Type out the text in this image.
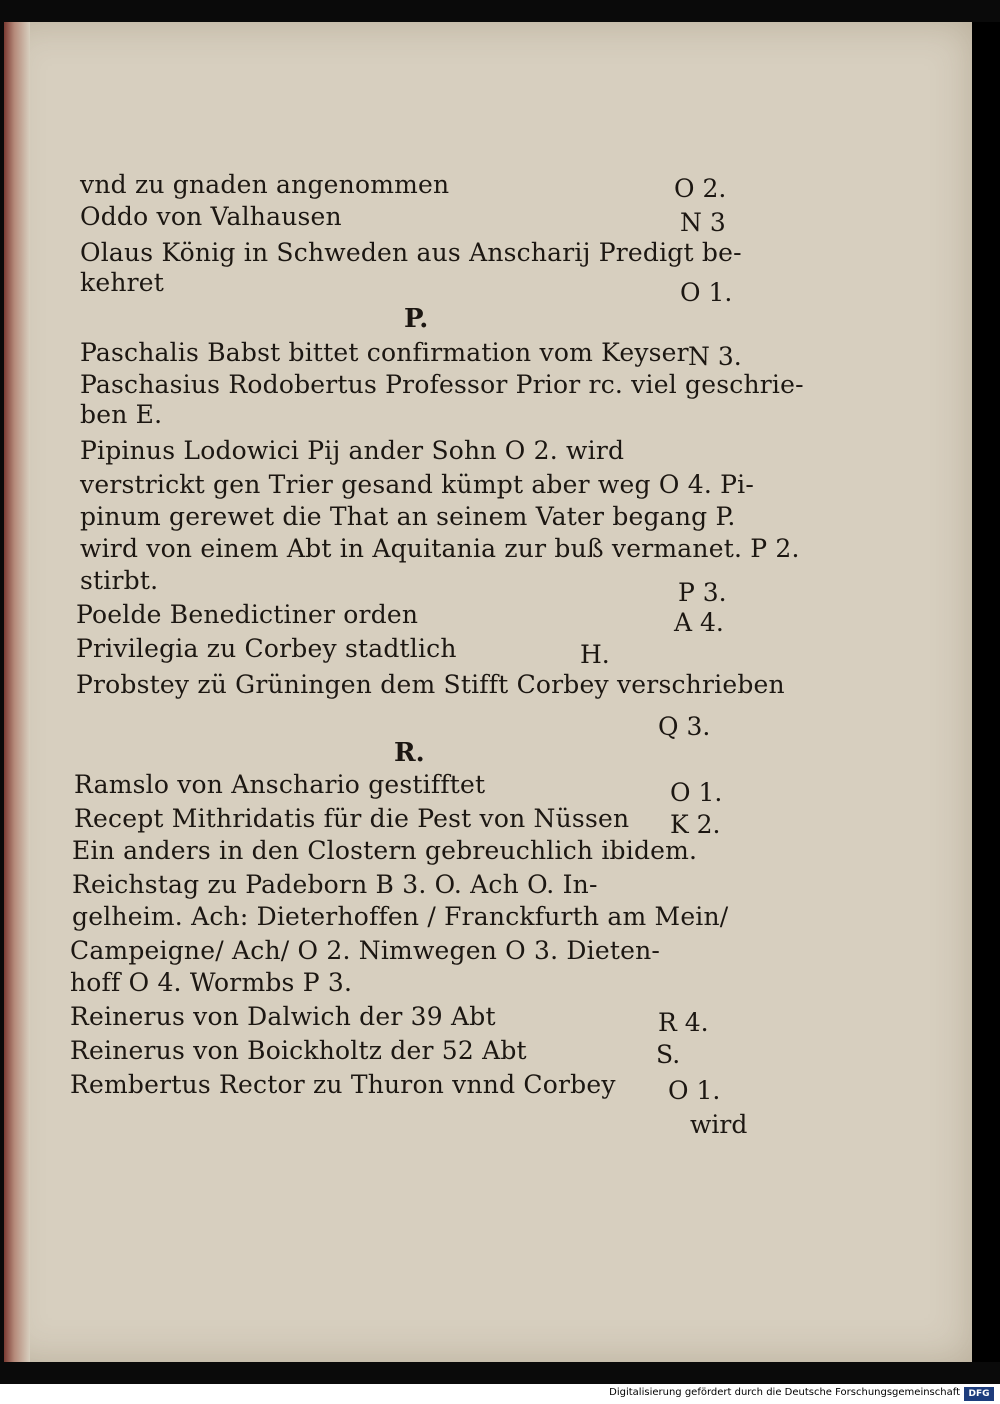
vnd zu gnaden angenommen	O 2.
Oddo von Valhausen	N 3
Olaus König in Schweden aus Anscharij Predigt be-
kehret	O 1.
P.
Paschalis Babst bittet confirmation vom Keyser N 3.
Paschasius Rodobertus Professor Prior rc. viel geschrie-
ben E.
Pipinus Lodowici Pij ander Sohn O 2. wird
verstrickt gen Trier gesand kümpt aber weg O 4. Pi-
pinum gerewet die That an seinem Vater begang P.
wird von einem Abt in Aquitania zur buß vermanet. P 2.
stirbt.	P 3.
Poelde Benedictiner orden	A 4.
Privilegia zu Corbey stadtlich	H.
Probstey zü Grüningen dem Stifft Corbey verschrieben
Q 3.
R.
Ramslo von Anschario gestifftet	O 1.
Recept Mithridatis für die Pest von Nüssen K 2.
Ein anders in den Clostern gebreuchlich ibidem.
Reichstag zu Padeborn B 3. O. Ach O. In-
gelheim. Ach: Dieterhoffen / Franckfurth am Mein/
Campeigne/ Ach/ O 2. Nimwegen O 3. Dieten-
hoff O 4. Wormbs P 3.
Reinerus von Dalwich der 39 Abt	R 4.
Reinerus von Boickholtz der 52 Abt	S.
Rembertus Rector zu Thuron vnnd Corbey O 1.
wird
Digitalisierung gefördert durch die Deutsche Forschungsgemeinschaft DFG
